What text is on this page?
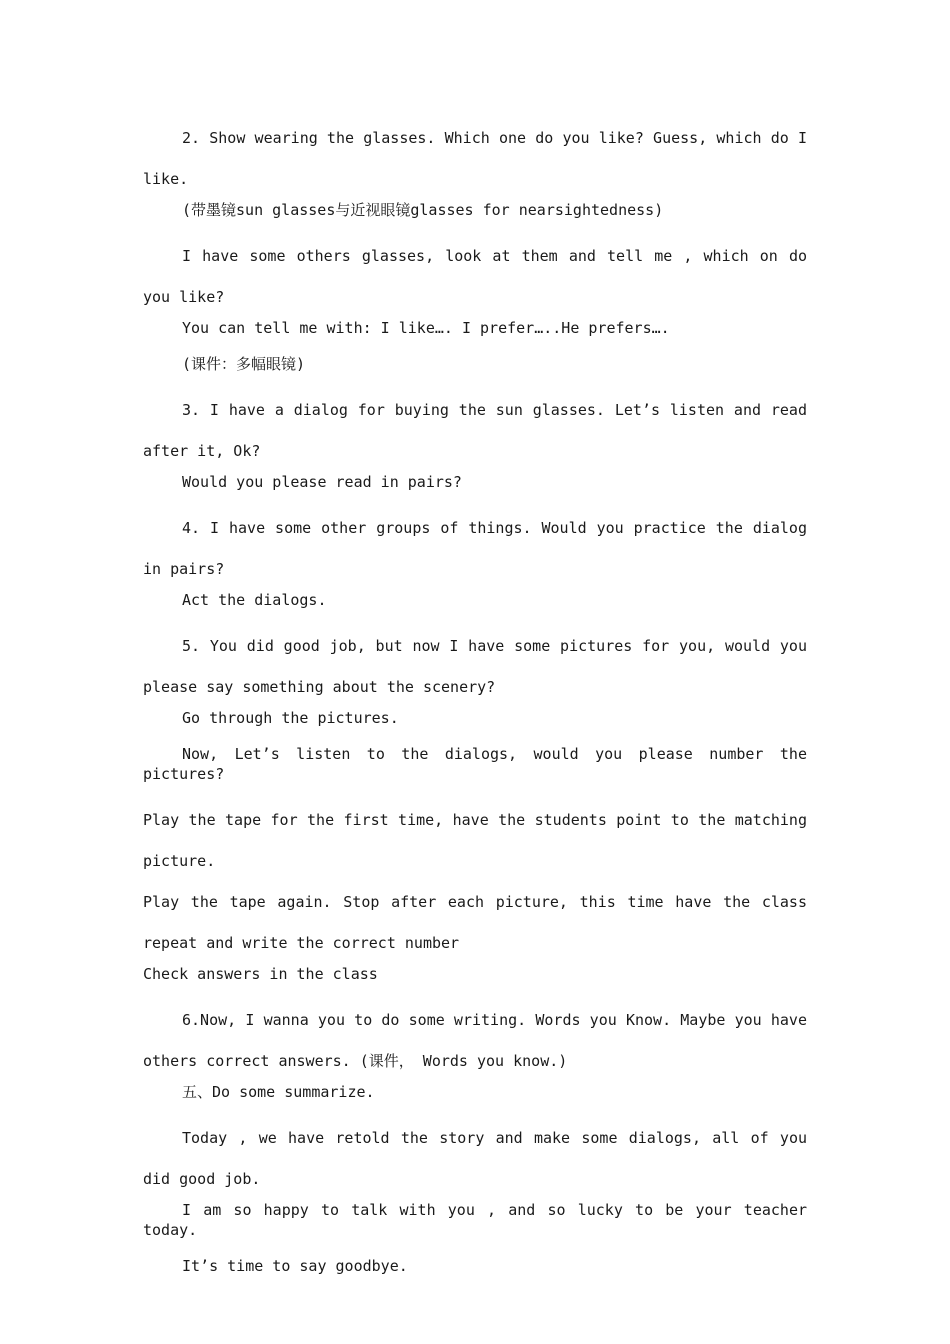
2. Show wearing the glasses. Which one do you like? Guess, which do I like.

(带墨镜sun glasses与近视眼镜glasses for nearsightedness)

I have some others glasses, look at them and tell me , which on do you like?

You can tell me with: I like…. I prefer…..He prefers….

(课件：多幅眼镜)

3. I have a dialog for buying the sun glasses. Let’s listen and read after it, Ok?

Would you please read in pairs?

4. I have some other groups of things. Would you practice the dialog in pairs?

Act the dialogs.

5. You did good job, but now I have some pictures for you, would you please say something about the scenery?

Go through the pictures.

Now, Let’s listen to the dialogs, would you please number the pictures?

Play the tape for the first time, have the students point to the matching picture.

Play the tape again. Stop after each picture, this time have the class repeat and write the correct number

Check answers in the class

6.Now, I wanna you to do some writing. Words you Know. Maybe you have others correct answers. (课件， Words you know.)

五、Do some summarize.

Today , we have retold the story and make some dialogs, all of you did good job.

I am so happy to talk with you , and so lucky to be your teacher today.

It’s time to say goodbye.
